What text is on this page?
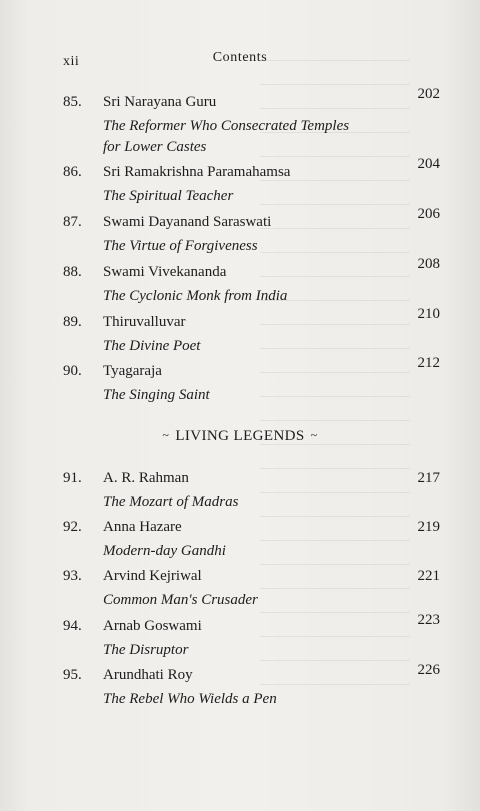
xii	Contents
85. Sri Narayana Guru
The Reformer Who Consecrated Temples for Lower Castes
202
86. Sri Ramakrishna Paramahamsa
The Spiritual Teacher
204
87. Swami Dayanand Saraswati
The Virtue of Forgiveness
206
88. Swami Vivekananda
The Cyclonic Monk from India
208
89. Thiruvalluvar
The Divine Poet
210
90. Tyagaraja
The Singing Saint
212
~ LIVING LEGENDS ~
91. A. R. Rahman
The Mozart of Madras
217
92. Anna Hazare
Modern-day Gandhi
219
93. Arvind Kejriwal
Common Man's Crusader
221
94. Arnab Goswami
The Disruptor
223
95. Arundhati Roy
The Rebel Who Wields a Pen
226
